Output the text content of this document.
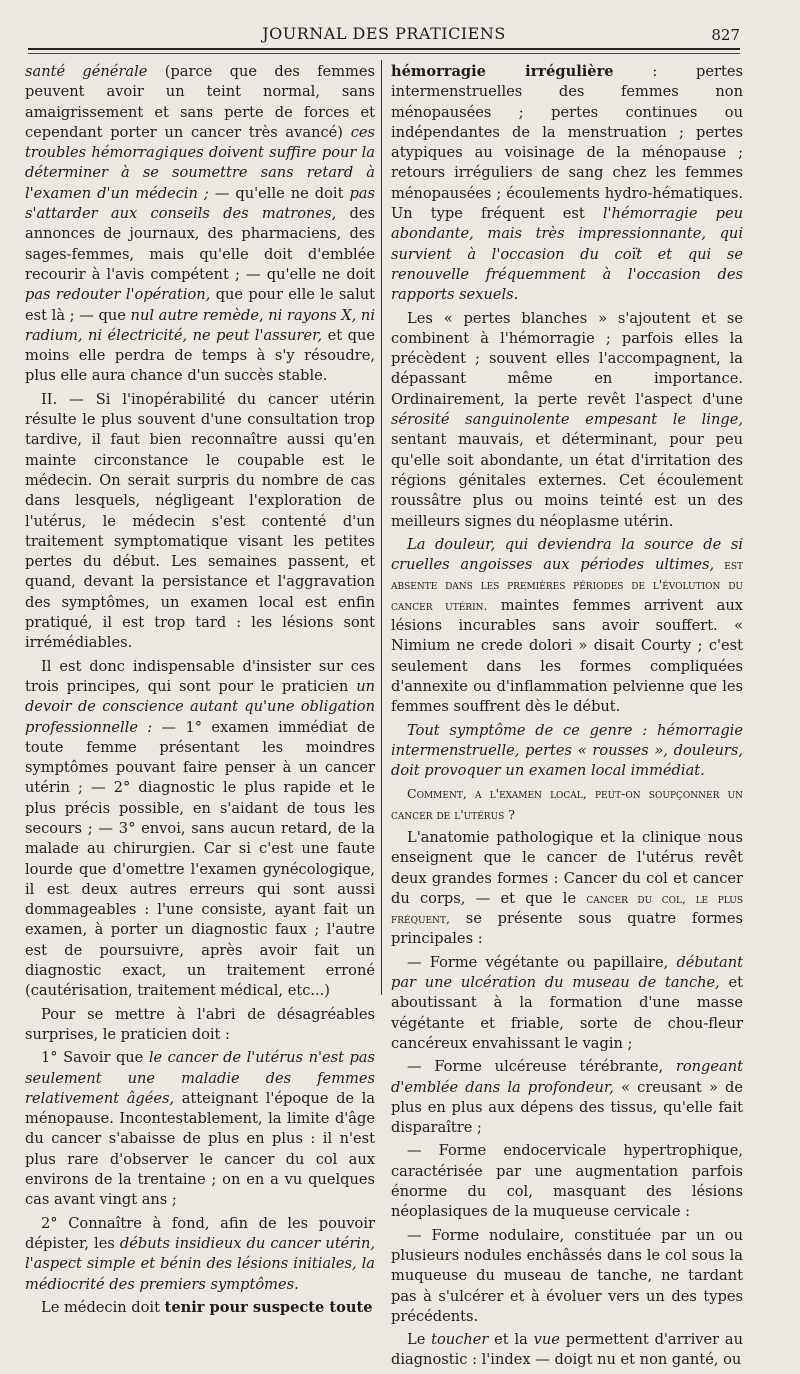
JOURNAL DES PRATICIENS	827

santé générale (parce que des femmes peuvent avoir un teint normal, sans amaigrissement et sans perte de forces et cependant porter un cancer très avancé) ces troubles hémorragiques doivent suffire pour la déterminer à se soumettre sans retard à l'examen d'un médecin ; — qu'elle ne doit pas s'attarder aux conseils des matrones, des annonces de journaux, des pharmaciens, des sages-femmes, mais qu'elle doit d'emblée recourir à l'avis compétent ; — qu'elle ne doit pas redouter l'opération, que pour elle le salut est là ; — que nul autre remède, ni rayons X, ni radium, ni électricité, ne peut l'assurer, et que moins elle perdra de temps à s'y résoudre, plus elle aura chance d'un succès stable.

II. — Si l'inopérabilité du cancer utérin résulte le plus souvent d'une consultation trop tardive, il faut bien reconnaître aussi qu'en mainte circonstance le coupable est le médecin. On serait surpris du nombre de cas dans lesquels, négligeant l'exploration de l'utérus, le médecin s'est contenté d'un traitement symptomatique visant les petites pertes du début. Les semaines passent, et quand, devant la persistance et l'aggravation des symptômes, un examen local est enfin pratiqué, il est trop tard : les lésions sont irrémédiables.

Il est donc indispensable d'insister sur ces trois principes, qui sont pour le praticien un devoir de conscience autant qu'une obligation professionnelle : — 1° examen immédiat de toute femme présentant les moindres symptômes pouvant faire penser à un cancer utérin ; — 2° diagnostic le plus rapide et le plus précis possible, en s'aidant de tous les secours ; — 3° envoi, sans aucun retard, de la malade au chirurgien. Car si c'est une faute lourde que d'omettre l'examen gynécologique, il est deux autres erreurs qui sont aussi dommageables : l'une consiste, ayant fait un examen, à porter un diagnostic faux ; l'autre est de poursuivre, après avoir fait un diagnostic exact, un traitement erroné (cautérisation, traitement médical, etc...)

Pour se mettre à l'abri de désagréables surprises, le praticien doit :

1° Savoir que le cancer de l'utérus n'est pas seulement une maladie des femmes relativement âgées, atteignant l'époque de la ménopause. Incontestablement, la limite d'âge du cancer s'abaisse de plus en plus : il n'est plus rare d'observer le cancer du col aux environs de la trentaine ; on en a vu quelques cas avant vingt ans ;

2° Connaître à fond, afin de les pouvoir dépister, les débuts insidieux du cancer utérin, l'aspect simple et bénin des lésions initiales, la médiocrité des premiers symptômes.

Le médecin doit tenir pour suspecte toute

hémorragie irrégulière : pertes intermenstruelles des femmes non ménopausées ; pertes continues ou indépendantes de la menstruation ; pertes atypiques au voisinage de la ménopause ; retours irréguliers de sang chez les femmes ménopausées ; écoulements hydro-hématiques. Un type fréquent est l'hémorragie peu abondante, mais très impressionnante, qui survient à l'occasion du coït et qui se renouvelle fréquemment à l'occasion des rapports sexuels.

Les « pertes blanches » s'ajoutent et se combinent à l'hémorragie ; parfois elles la précèdent ; souvent elles l'accompagnent, la dépassant même en importance. Ordinairement, la perte revêt l'aspect d'une sérosité sanguinolente empesant le linge, sentant mauvais, et déterminant, pour peu qu'elle soit abondante, un état d'irritation des régions génitales externes. Cet écoulement roussâtre plus ou moins teinté est un des meilleurs signes du néoplasme utérin.

La douleur, qui deviendra la source de si cruelles angoisses aux périodes ultimes, est absente dans les premières périodes de l'évolution du cancer utérin. maintes femmes arrivent aux lésions incurables sans avoir souffert. « Nimium ne crede dolori » disait Courty ; c'est seulement dans les formes compliquées d'annexite ou d'inflammation pelvienne que les femmes souffrent dès le début.

Tout symptôme de ce genre : hémorragie intermenstruelle, pertes « rousses », douleurs, doit provoquer un examen local immédiat.

Comment, a l'examen local, peut-on soupçonner un cancer de l'utérus ?

L'anatomie pathologique et la clinique nous enseignent que le cancer de l'utérus revêt deux grandes formes : Cancer du col et cancer du corps, — et que le cancer du col, le plus fréquent, se présente sous quatre formes principales :

— Forme végétante ou papillaire, débutant par une ulcération du museau de tanche, et aboutissant à la formation d'une masse végétante et friable, sorte de chou-fleur cancéreux envahissant le vagin ;

— Forme ulcéreuse térébrante, rongeant d'emblée dans la profondeur, « creusant » de plus en plus aux dépens des tissus, qu'elle fait disparaître ;

— Forme endocervicale hypertrophique, caractérisée par une augmentation parfois énorme du col, masquant des lésions néoplasiques de la muqueuse cervicale :

— Forme nodulaire, constituée par un ou plusieurs nodules enchâssés dans le col sous la muqueuse du museau de tanche, ne tardant pas à s'ulcérer et à évoluer vers un des types précédents.

Le toucher et la vue permettent d'arriver au diagnostic : l'index — doigt nu et non ganté, ou
